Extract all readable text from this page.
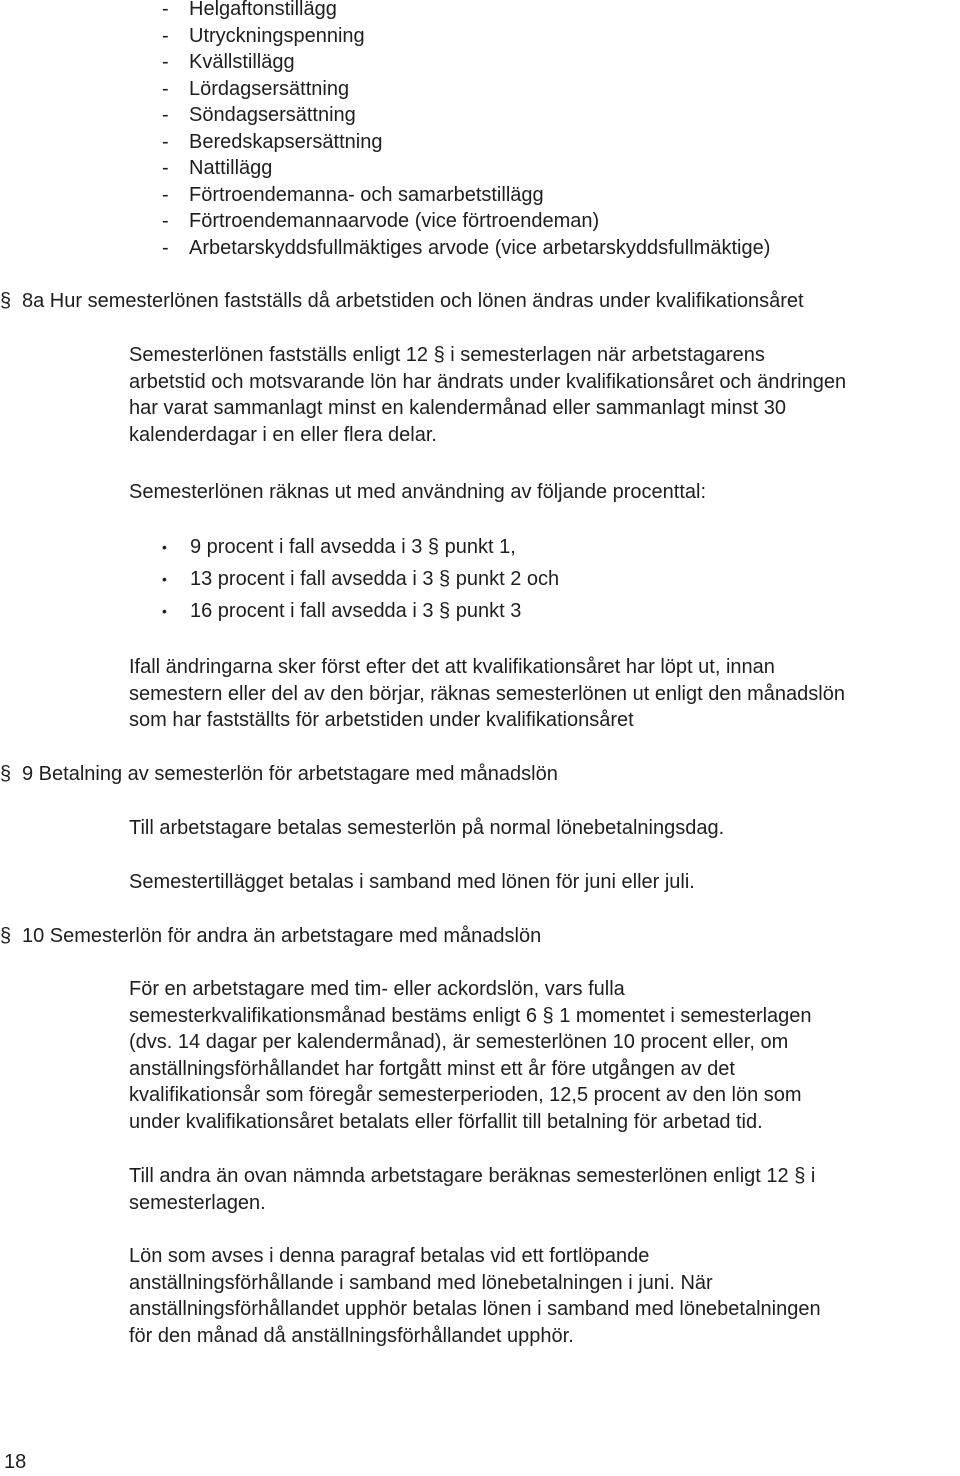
- Helgaftonstillägg
- Utryckningspenning
- Kvällstillägg
- Lördagsersättning
- Söndagsersättning
- Beredskapsersättning
- Nattillägg
- Förtroendemanna- och samarbetstillägg
- Förtroendemannaarvode (vice förtroendeman)
- Arbetarskyddsfullmäktiges arvode (vice arbetarskyddsfullmäktige)
§ 8a Hur semesterlönen fastställs då arbetstiden och lönen ändras under kvalifikationsåret

Semesterlönen fastställs enligt 12 § i semesterlagen när arbetstagarens
arbetstid och motsvarande lön har ändrats under kvalifikationsåret och ändringen
har varat sammanlagt minst en kalendermånad eller sammanlagt minst 30
kalenderdagar i en eller flera delar.

Semesterlönen räknas ut med användning av följande procenttal:

• 9 procent i fall avsedda i 3 § punkt 1,
• 13 procent i fall avsedda i 3 § punkt 2 och
• 16 procent i fall avsedda i 3 § punkt 3

Ifall ändringarna sker först efter det att kvalifikationsåret har löpt ut, innan
semestern eller del av den börjar, räknas semesterlönen ut enligt den månadslön
som har fastställts för arbetstiden under kvalifikationsåret

§ 9 Betalning av semesterlön för arbetstagare med månadslön

Till arbetstagare betalas semesterlön på normal lönebetalningsdag.

Semestertillägget betalas i samband med lönen för juni eller juli.

§ 10 Semesterlön för andra än arbetstagare med månadslön

För en arbetstagare med tim- eller ackordslön, vars fulla
semesterkvalifikationsmånad bestäms enligt 6 § 1 momentet i semesterlagen
(dvs. 14 dagar per kalendermånad), är semesterlönen 10 procent eller, om
anställningsförhållandet har fortgått minst ett år före utgången av det
kvalifikationsår som föregår semesterperioden, 12,5 procent av den lön som
under kvalifikationsåret betalats eller förfallit till betalning för arbetad tid.

Till andra än ovan nämnda arbetstagare beräknas semesterlönen enligt 12 § i
semesterlagen.

Lön som avses i denna paragraf betalas vid ett fortlöpande
anställningsförhållande i samband med lönebetalningen i juni. När
anställningsförhållandet upphör betalas lönen i samband med lönebetalningen
för den månad då anställningsförhållandet upphör.

18
